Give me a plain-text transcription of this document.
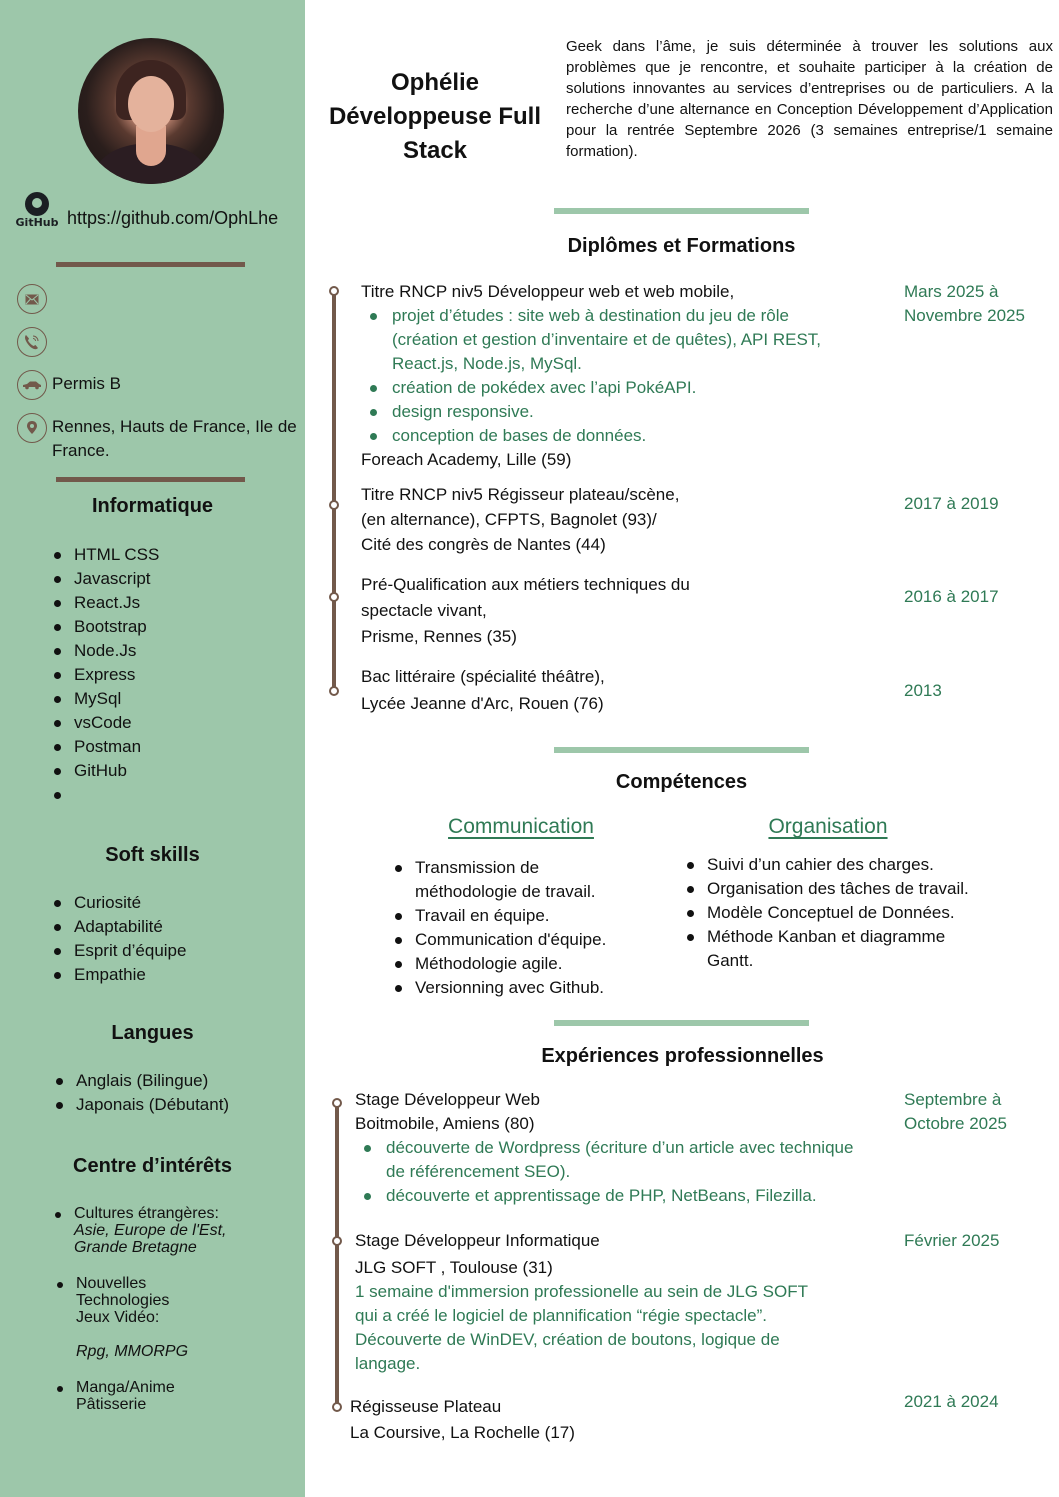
GitHub https://github.com/OphLhe
Permis B
Rennes, Hauts de France, Ile de France.
Informatique
HTML CSS
Javascript
React.Js
Bootstrap
Node.Js
Express
MySql
vsCode
Postman
GitHub
Soft skills
Curiosité
Adaptabilité
Esprit d’équipe
Empathie
Langues
Anglais (Bilingue)
Japonais (Débutant)
Centre d’intérêts
Cultures étrangères:
Asie, Europe de l'Est,
Grande Bretagne
Nouvelles
Technologies
Jeux Vidéo:
Rpg, MMORPG
Manga/Anime
Pâtisserie
Ophélie
Développeuse Full
Stack
Geek dans l’âme, je suis déterminée à trouver les solutions aux problèmes que je rencontre, et souhaite participer à la création de solutions innovantes au services d’entreprises ou de particuliers. A la recherche d’une alternance en Conception Développement d’Application pour la rentrée Septembre 2026 (3 semaines entreprise/1 semaine formation).
Diplômes et Formations
Titre RNCP niv5 Développeur web et web mobile,
projet d’études : site web à destination du jeu de rôle (création et gestion d’inventaire et de quêtes), API REST, React.js, Node.js, MySql.
création de pokédex avec l’api PokéAPI.
design responsive.
conception de bases de données.
Foreach Academy, Lille (59)
Mars 2025 à Novembre 2025
Titre RNCP niv5 Régisseur plateau/scène,
(en alternance), CFPTS, Bagnolet (93)/
Cité des congrès de Nantes (44)
2017 à 2019
Pré-Qualification aux métiers techniques du
spectacle vivant,
Prisme, Rennes (35)
2016 à 2017
Bac littéraire (spécialité théâtre),
Lycée Jeanne d'Arc, Rouen (76)
2013
Compétences
Communication
Transmission de méthodologie de travail.
Travail en équipe.
Communication d'équipe.
Méthodologie agile.
Versionning avec Github.
Organisation
Suivi d’un cahier des charges.
Organisation des tâches de travail.
Modèle Conceptuel de Données.
Méthode Kanban et diagramme Gantt.
Expériences professionnelles
Stage Développeur Web
Boitmobile, Amiens (80)
découverte de Wordpress (écriture d’un article avec technique de référencement SEO).
découverte et apprentissage de PHP, NetBeans, Filezilla.
Septembre à Octobre 2025
Stage Développeur Informatique
JLG SOFT , Toulouse (31)
1 semaine d'immersion professionelle au sein de JLG SOFT qui a créé le logiciel de plannification “régie spectacle”. Découverte de WinDEV, création de boutons, logique de langage.
Février 2025
Régisseuse Plateau
La Coursive, La Rochelle (17)
2021 à 2024
